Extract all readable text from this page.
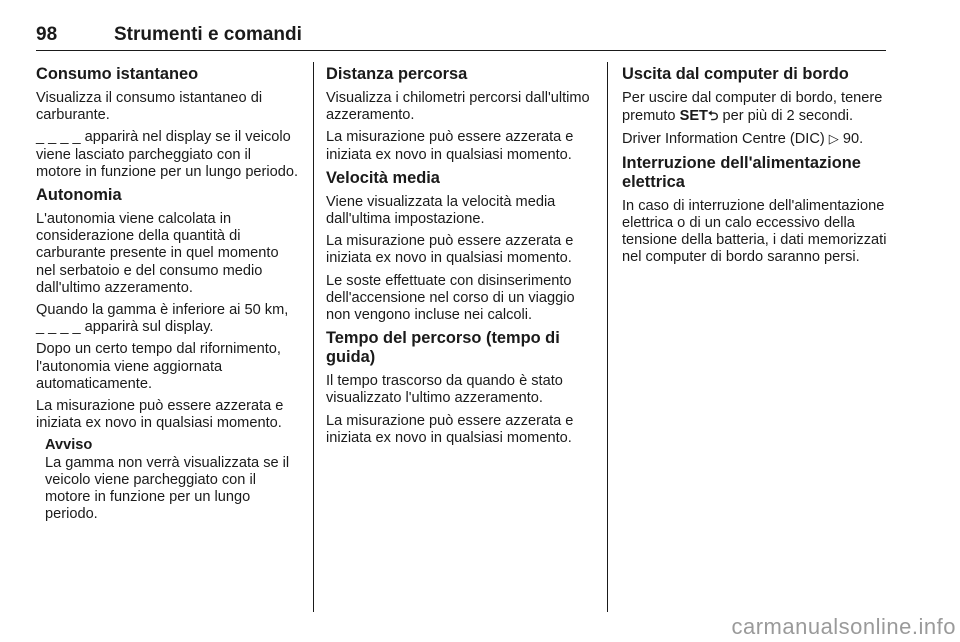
98	Strumenti e comandi
Consumo istantaneo

Visualizza il consumo istantaneo di carburante.

_ _ _ _ apparirà nel display se il veicolo viene lasciato parcheggiato con il motore in funzione per un lungo periodo.

Autonomia

L'autonomia viene calcolata in considerazione della quantità di carburante presente in quel momento nel serbatoio e del consumo medio dall'ultimo azzeramento.

Quando la gamma è inferiore ai 50 km, _ _ _ _ apparirà sul display.

Dopo un certo tempo dal rifornimento, l'autonomia viene aggiornata automaticamente.

La misurazione può essere azzerata e iniziata ex novo in qualsiasi momento.

Avviso

La gamma non verrà visualizzata se il veicolo viene parcheggiato con il motore in funzione per un lungo periodo.

Distanza percorsa

Visualizza i chilometri percorsi dall'ultimo azzeramento.

La misurazione può essere azzerata e iniziata ex novo in qualsiasi momento.

Velocità media

Viene visualizzata la velocità media dall'ultima impostazione.

La misurazione può essere azzerata e iniziata ex novo in qualsiasi momento.

Le soste effettuate con disinserimento dell'accensione nel corso di un viaggio non vengono incluse nei calcoli.

Tempo del percorso (tempo di guida)

Il tempo trascorso da quando è stato visualizzato l'ultimo azzeramento.

La misurazione può essere azzerata e iniziata ex novo in qualsiasi momento.

Uscita dal computer di bordo

Per uscire dal computer di bordo, tenere premuto SET⮌ per più di 2 secondi.

Driver Information Centre (DIC) ▷ 90.

Interruzione dell'alimentazione elettrica

In caso di interruzione dell'alimentazione elettrica o di un calo eccessivo della tensione della batteria, i dati memorizzati nel computer di bordo saranno persi.

carmanualsonline.info
